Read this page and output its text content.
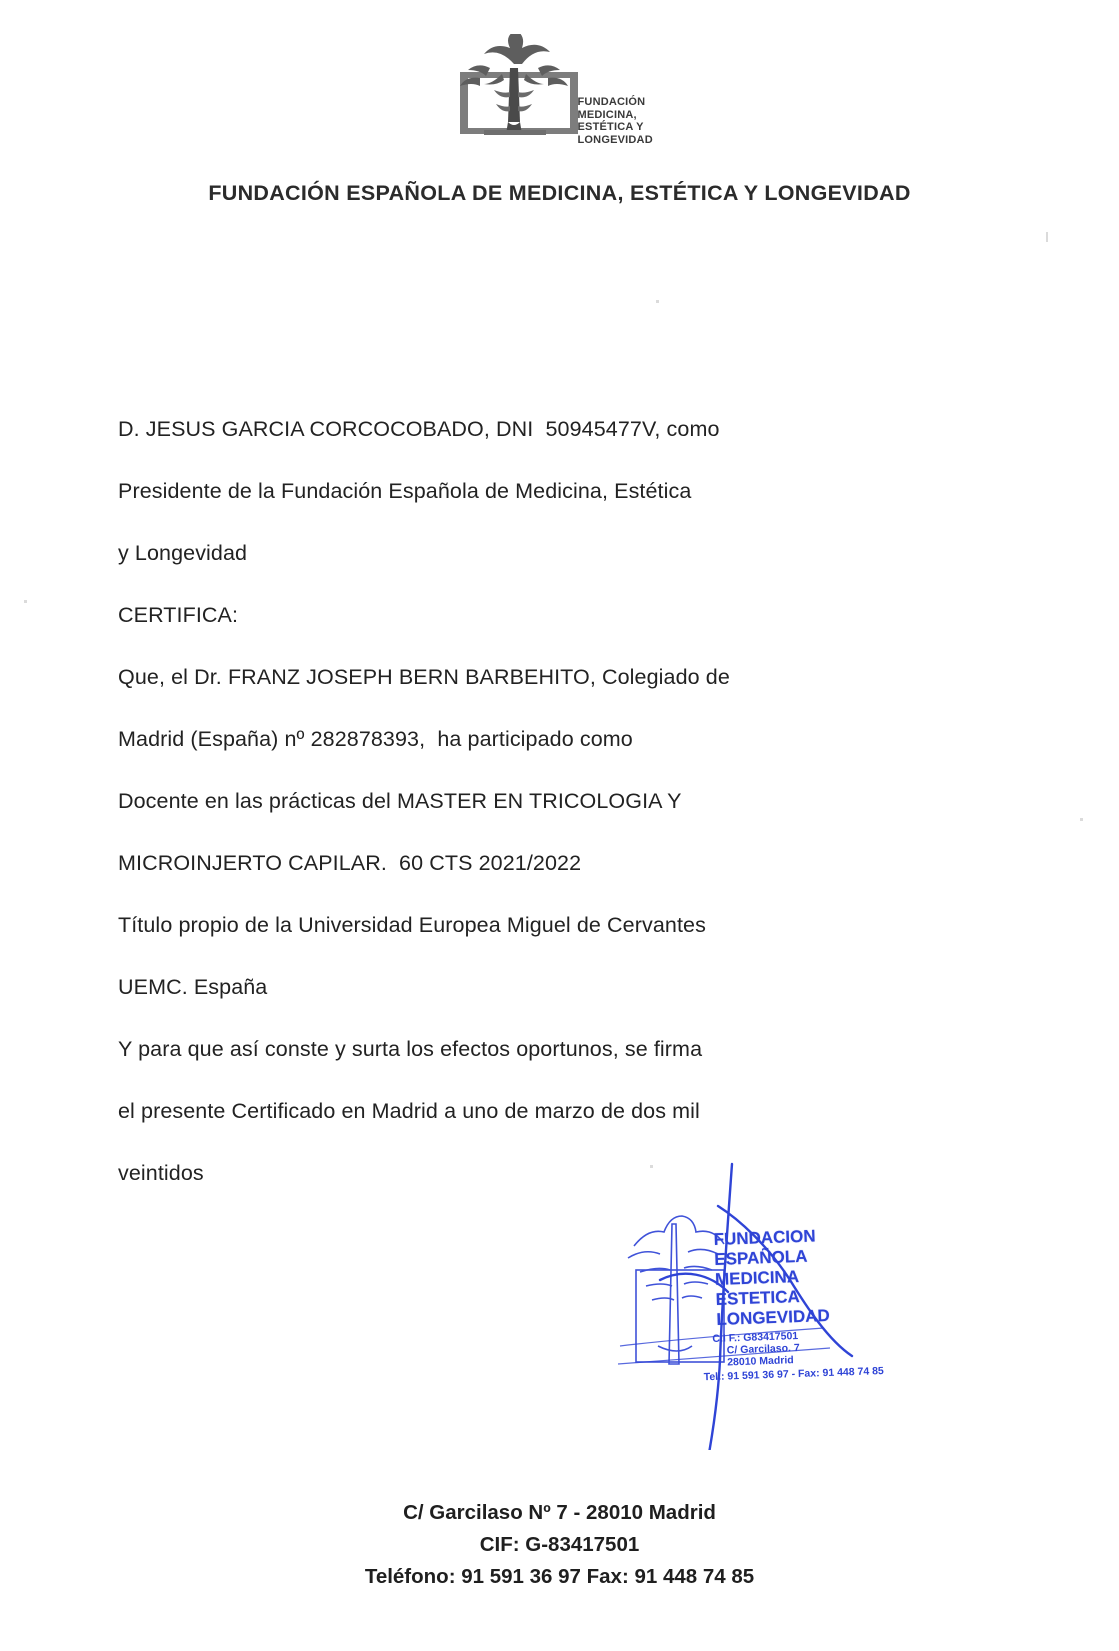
FUNDACIÓN
MEDICINA,
ESTÉTICA Y
LONGEVIDAD
FUNDACIÓN ESPAÑOLA DE MEDICINA, ESTÉTICA Y LONGEVIDAD
D. JESUS GARCIA CORCOCOBADO, DNI  50945477V, como
Presidente de la Fundación Española de Medicina, Estética
y Longevidad
CERTIFICA:
Que, el Dr. FRANZ JOSEPH BERN BARBEHITO, Colegiado de
Madrid (España) nº 282878393,  ha participado como
Docente en las prácticas del MASTER EN TRICOLOGIA Y
MICROINJERTO CAPILAR.  60 CTS 2021/2022
Título propio de la Universidad Europea Miguel de Cervantes
UEMC. España
Y para que así conste y surta los efectos oportunos, se firma
el presente Certificado en Madrid a uno de marzo de dos mil
veintidos
FUNDACION
ESPAÑOLA
MEDICINA
ESTETICA
LONGEVIDAD
C.I F.: G83417501
C/ Garcilaso. 7
28010 Madrid
Tel.: 91 591 36 97 - Fax: 91 448 74 85
C/ Garcilaso Nº 7 - 28010 Madrid
CIF: G-83417501
Teléfono: 91 591 36 97 Fax: 91 448 74 85
